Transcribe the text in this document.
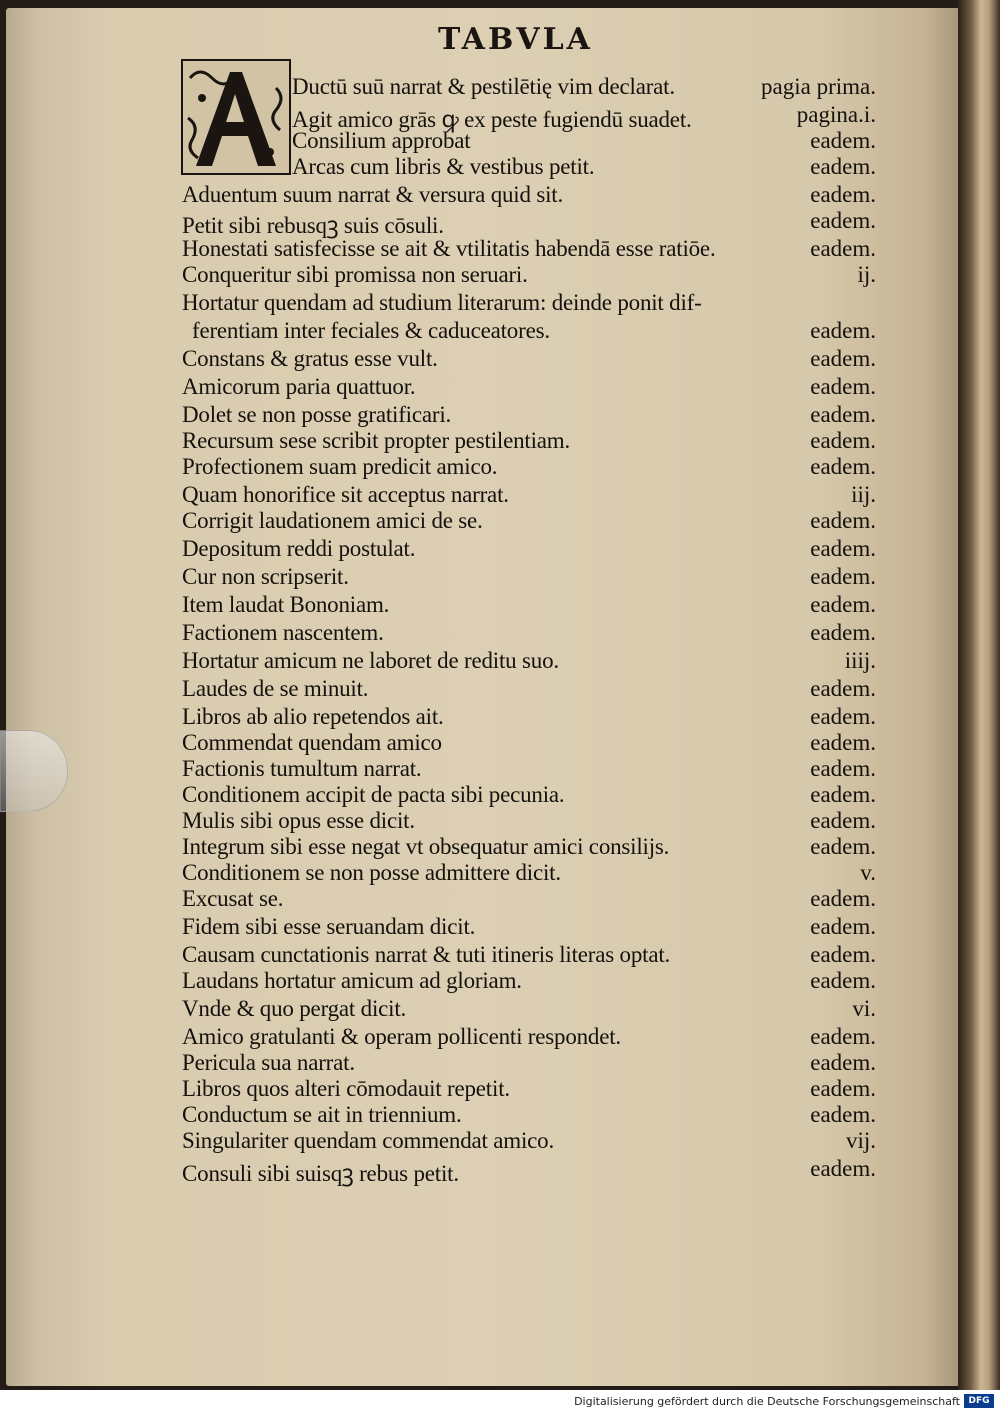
TABVLA
Ductū suū narrat & pestilētię vim declarat.	pagia prima.
Agit amico grās ꝙ ex peste fugiendū suadet.	pagina.i.
Consilium approbat	eadem.
Arcas cum libris & vestibus petit.	eadem.
Aduentum suum narrat & versura quid sit.	eadem.
Petit sibi rebusqꝫ suis cōsuli.	eadem.
Honestati satisfecisse se ait & vtilitatis habendā esse ratiōe.	eadem.
Conqueritur sibi promissa non seruari.	ij.
Hortatur quendam ad studium literarum: deinde ponit dif-
ferentiam inter feciales & caduceatores.	eadem.
Constans & gratus esse vult.	eadem.
Amicorum paria quattuor.	eadem.
Dolet se non posse gratificari.	eadem.
Recursum sese scribit propter pestilentiam.	eadem.
Profectionem suam predicit amico.	eadem.
Quam honorifice sit acceptus narrat.	iij.
Corrigit laudationem amici de se.	eadem.
Depositum reddi postulat.	eadem.
Cur non scripserit.	eadem.
Item laudat Bononiam.	eadem.
Factionem nascentem.	eadem.
Hortatur amicum ne laboret de reditu suo.	iiij.
Laudes de se minuit.	eadem.
Libros ab alio repetendos ait.	eadem.
Commendat quendam amico	eadem.
Factionis tumultum narrat.	eadem.
Conditionem accipit de pacta sibi pecunia.	eadem.
Mulis sibi opus esse dicit.	eadem.
Integrum sibi esse negat vt obsequatur amici consilijs.	eadem.
Conditionem se non posse admittere dicit.	v.
Excusat se.	eadem.
Fidem sibi esse seruandam dicit.	eadem.
Causam cunctationis narrat & tuti itineris literas optat.	eadem.
Laudans hortatur amicum ad gloriam.	eadem.
Vnde & quo pergat dicit.	vi.
Amico gratulanti & operam pollicenti respondet.	eadem.
Pericula sua narrat.	eadem.
Libros quos alteri cōmodauit repetit.	eadem.
Conductum se ait in triennium.	eadem.
Singulariter quendam commendat amico.	vij.
Consuli sibi suisqꝫ rebus petit.	eadem.
Digitalisierung gefördert durch die Deutsche Forschungsgemeinschaft DFG
